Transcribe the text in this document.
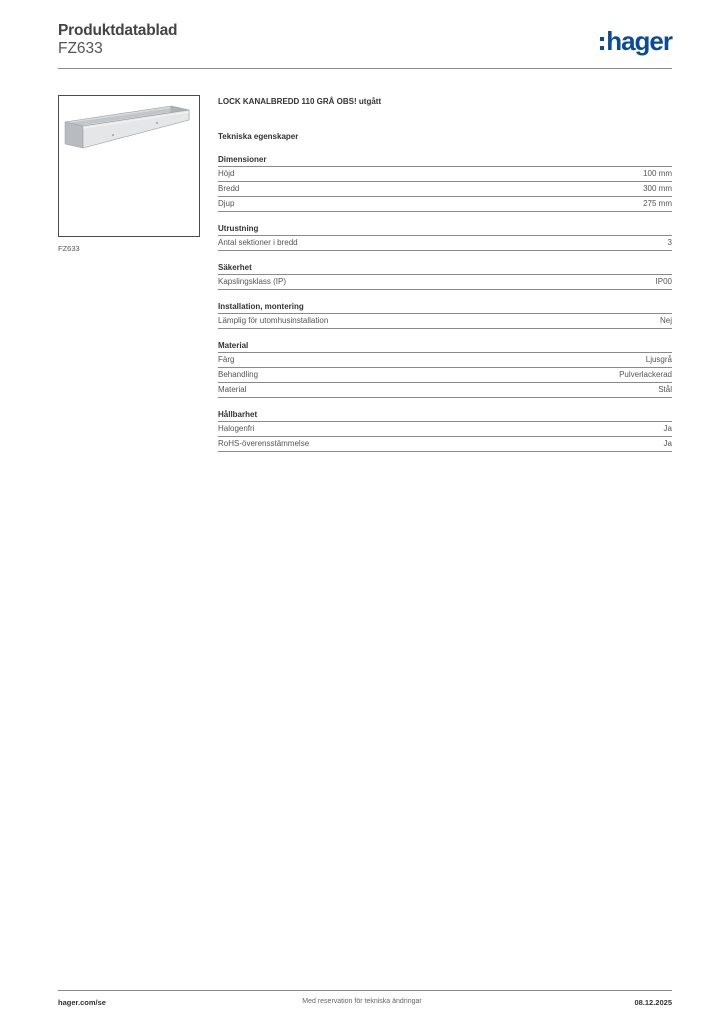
Produktdatablad
FZ633	hager
FZ633
LOCK KANALBREDD 110 GRÅ OBS! utgått
Tekniska egenskaper
Dimensioner
Höjd	100 mm
Bredd	300 mm
Djup	275 mm
Utrustning
Antal sektioner i bredd	3
Säkerhet
Kapslingsklass (IP)	IP00
Installation, montering
Lämplig för utomhusinstallation	Nej
Material
Färg	Ljusgrå
Behandling	Pulverlackerad
Material	Stål
Hållbarhet
Halogenfri	Ja
RoHS-överensstämmelse	Ja
hager.com/se	Med reservation för tekniska ändringar	08.12.2025
